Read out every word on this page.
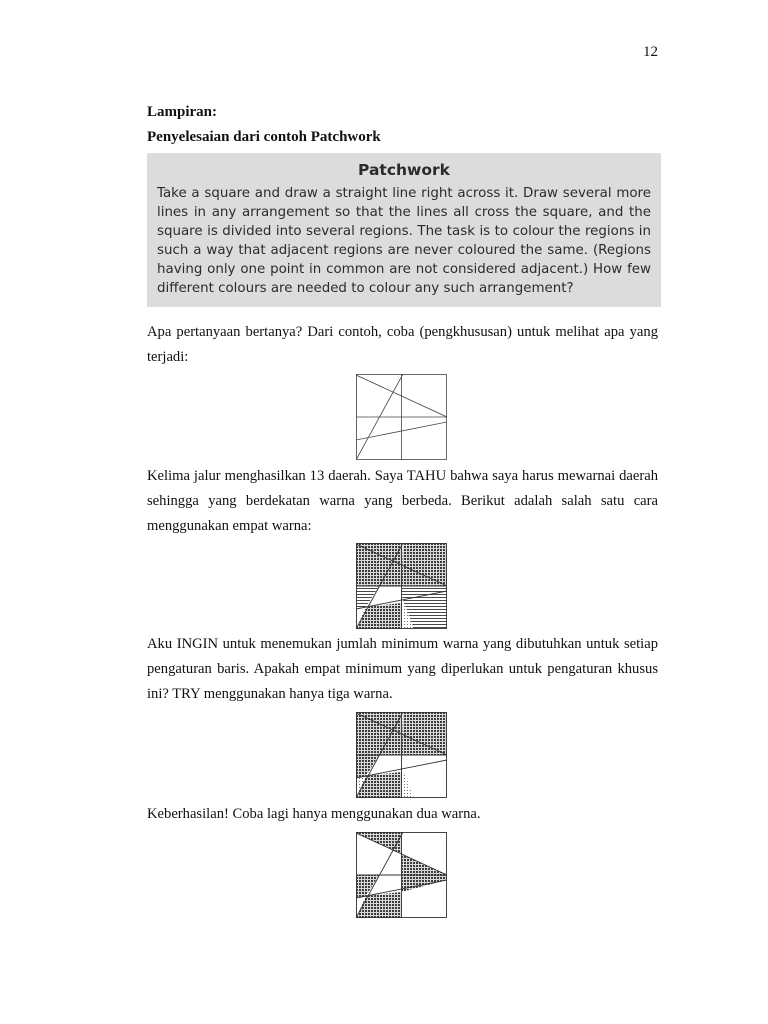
12
Lampiran:
Penyelesaian dari contoh Patchwork
Patchwork
Take a square and draw a straight line right across it. Draw several more lines in any arrangement so that the lines all cross the square, and the square is divided into several regions. The task is to colour the regions in such a way that adjacent regions are never coloured the same. (Regions having only one point in common are not considered adjacent.) How few different colours are needed to colour any such arrangement?
Apa pertanyaan bertanya? Dari contoh, coba (pengkhususan) untuk melihat apa yang terjadi:
Kelima jalur menghasilkan 13 daerah. Saya TAHU bahwa saya harus mewarnai daerah sehingga yang berdekatan warna yang berbeda. Berikut adalah salah satu cara menggunakan empat warna:
Aku INGIN untuk menemukan jumlah minimum warna yang dibutuhkan untuk setiap pengaturan baris. Apakah empat minimum yang diperlukan untuk pengaturan khusus ini? TRY menggunakan hanya tiga warna.
Keberhasilan! Coba lagi hanya menggunakan dua warna.
